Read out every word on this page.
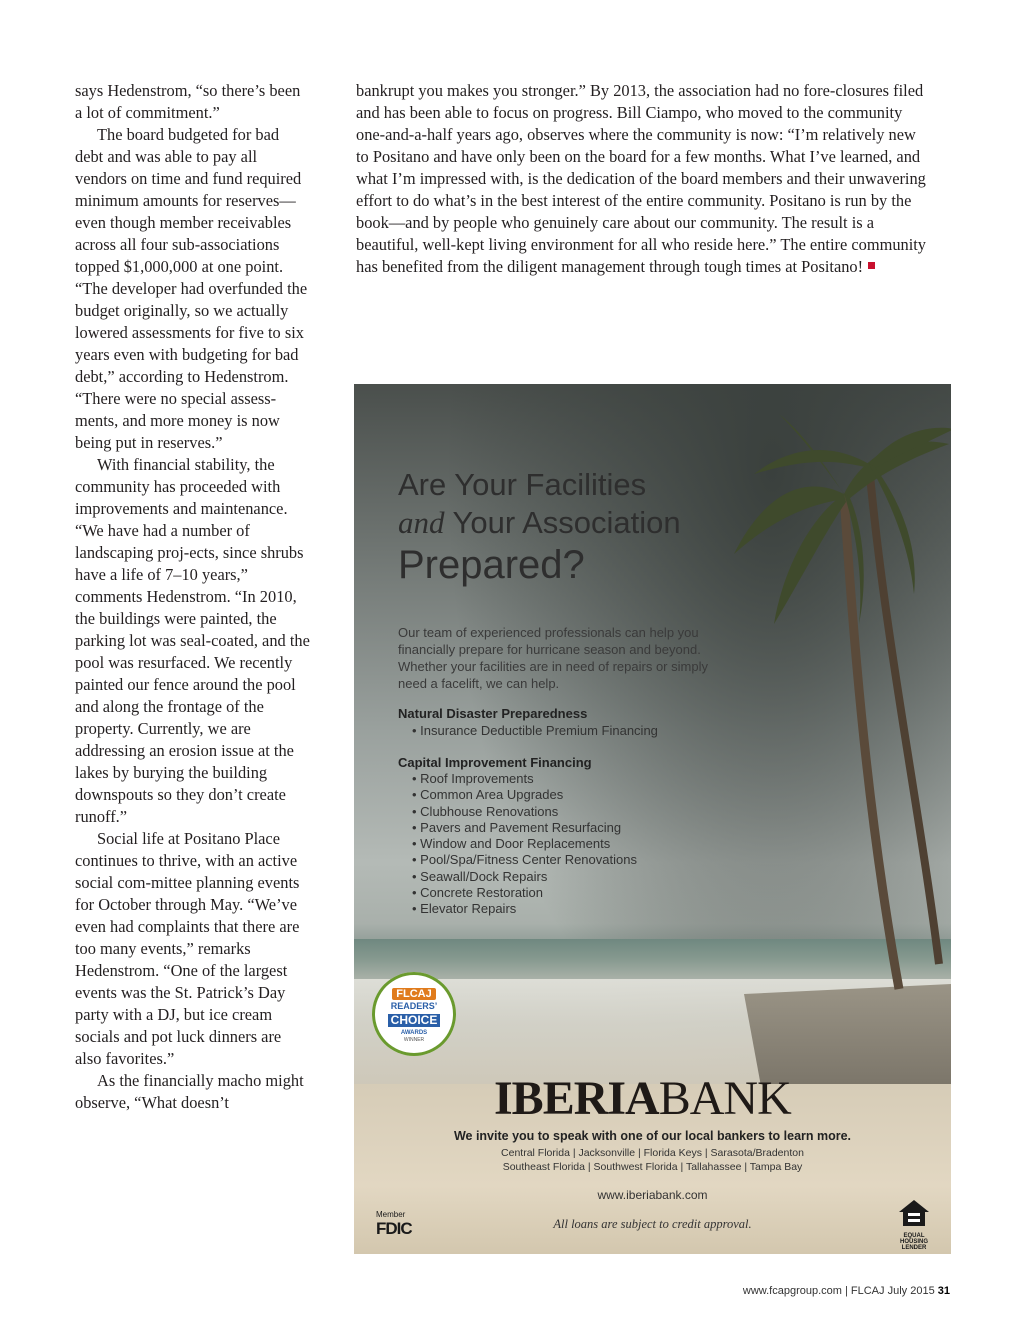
says Hedenstrom, “so there’s been a lot of commitment.”

The board budgeted for bad debt and was able to pay all vendors on time and fund required minimum amounts for reserves—even though member receivables across all four sub-associations topped $1,000,000 at one point. “The developer had overfunded the budget originally, so we actually lowered assessments for five to six years even with budgeting for bad debt,” according to Hedenstrom. “There were no special assess-ments, and more money is now being put in reserves.”

With financial stability, the community has proceeded with improvements and maintenance. “We have had a number of landscaping proj-ects, since shrubs have a life of 7–10 years,” comments Hedenstrom. “In 2010, the buildings were painted, the parking lot was seal-coated, and the pool was resurfaced. We recently painted our fence around the pool and along the frontage of the property. Currently, we are addressing an erosion issue at the lakes by burying the building downspouts so they don’t create runoff.”

Social life at Positano Place continues to thrive, with an active social com-mittee planning events for October through May. “We’ve even had complaints that there are too many events,” remarks Hedenstrom. “One of the largest events was the St. Patrick’s Day party with a DJ, but ice cream socials and pot luck dinners are also favorites.”

As the financially macho might observe, “What doesn’t

bankrupt you makes you stronger.” By 2013, the association had no fore-closures filed and has been able to focus on progress. Bill Ciampo, who moved to the community one-and-a-half years ago, observes where the community is now: “I’m relatively new to Positano and have only been on the board for a few months. What I’ve learned, and what I’m impressed with, is the dedication of the board members and their unwavering effort to do what’s in the best interest of the entire community. Positano is run by the book—and by people who genuinely care about our community. The result is a beautiful, well-kept living environment for all who reside here.” The entire community has benefited from the diligent management through tough times at Positano!

Are Your Facilities
and Your Association
Prepared?

Our team of experienced professionals can help you financially prepare for hurricane season and beyond. Whether your facilities are in need of repairs or simply need a facelift, we can help.

Natural Disaster Preparedness

• Insurance Deductible Premium Financing

Capital Improvement Financing

• Roof Improvements
• Common Area Upgrades
• Clubhouse Renovations
• Pavers and Pavement Resurfacing
• Window and Door Replacements
• Pool/Spa/Fitness Center Renovations
• Seawall/Dock Repairs
• Concrete Restoration
• Elevator Repairs
FLCAJ
READERS’
CHOICE
AWARDS
WINNER
IBERIABANK

We invite you to speak with one of our local bankers to learn more.

Central Florida | Jacksonville | Florida Keys | Sarasota/Bradenton

Southeast Florida | Southwest Florida | Tallahassee | Tampa Bay

www.iberiabank.com

All loans are subject to credit approval.

Member
FDIC	EQUAL HOUSING
LENDER
www.fcapgroup.com | FLCAJ July 2015 31
